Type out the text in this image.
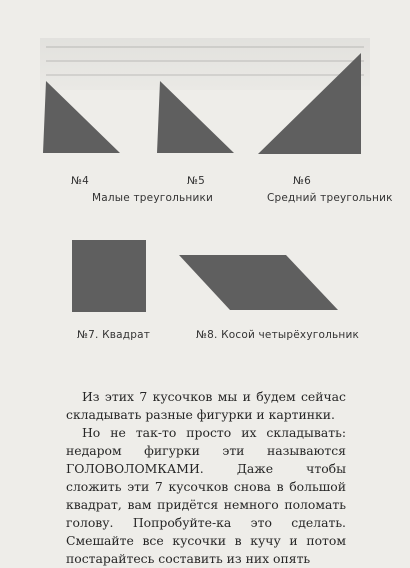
№4	№5	№6
Малые треугольники	Средний треугольник
№7. Квадрат	№8. Косой четырёхугольник

Из этих 7 кусочков мы и будем сейчас складывать разные фигурки и картинки.

Но не так-то просто их складывать: недаром фигурки эти называются ГОЛОВОЛОМКАМИ. Даже чтобы сложить эти 7 кусочков снова в большой квадрат, вам придётся немного поломать голову. Попробуйте-ка это сделать. Смешайте все кусочки в кучу и потом постарайтесь составить из них опять
